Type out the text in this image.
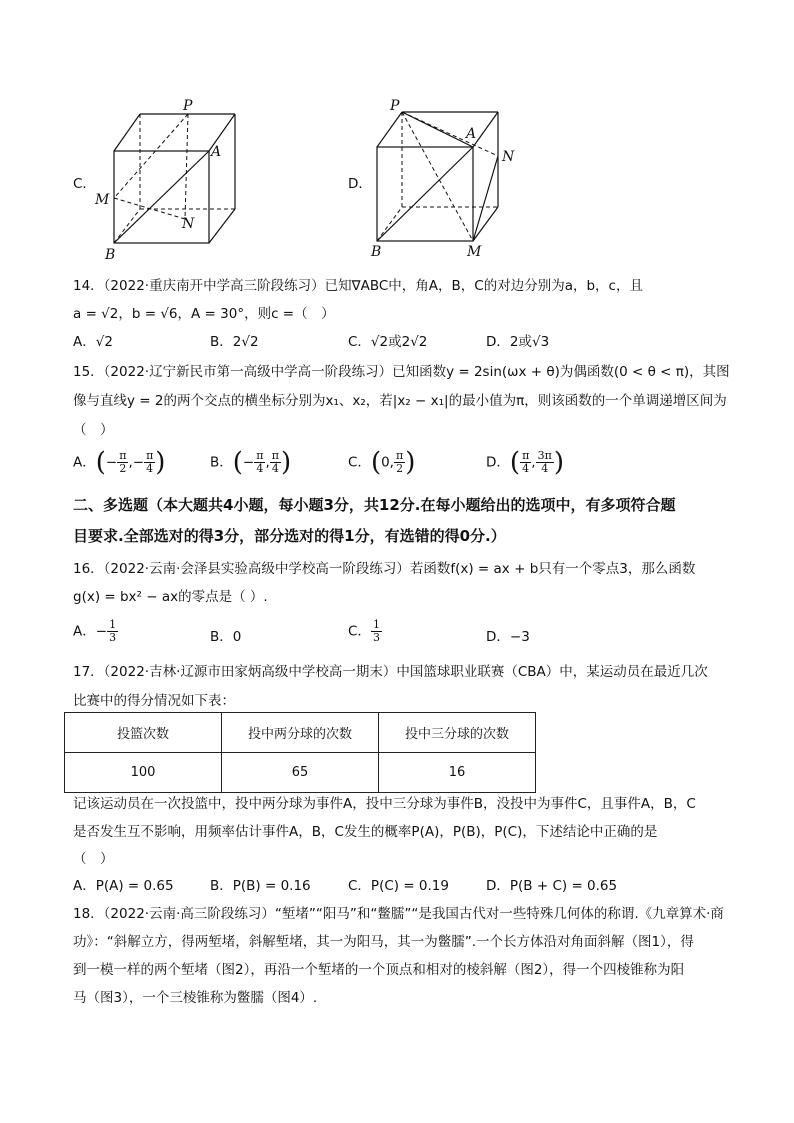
C．
P
A
M
N
B
D．
P
A
N
B	M
14．（2022·重庆南开中学高三阶段练习）已知∇ABC中，角A，B，C的对边分别为a，b，c，且
a = √2，b = √6，A = 30°，则c =（　）
A．√2	B．2√2	C．√2或2√2	D．2或√3
15．（2022·辽宁新民市第一高级中学高一阶段练习）已知函数y = 2sin(ωx + θ)为偶函数(0 < θ < π)，其图
像与直线y = 2的两个交点的横坐标分别为x₁、x₂，若|x₂ − x₁|的最小值为π，则该函数的一个单调递增区间为
（　）
A．(− $\frac{\pi}{2}$ ,− $\frac{\pi}{4}$ )	B．(− $\frac{\pi}{4}$ , $\frac{\pi}{4}$ )	C．(0, $\frac{\pi}{2}$ )	D．( $\frac{\pi}{4}$ , $\frac{3\pi}{4}$ )
二、多选题（本大题共4小题，每小题3分，共12分.在每小题给出的选项中，有多项符合题
目要求.全部选对的得3分，部分选对的得1分，有选错的得0分.）
16．（2022·云南·会泽县实验高级中学校高一阶段练习）若函数f(x) = ax + b只有一个零点3，那么函数
g(x) = bx² − ax的零点是（ ）.
A．− $\frac{1}{3}$	B．0	C． $\frac{1}{3}$	D．−3
17．（2022·吉林·辽源市田家炳高级中学校高一期末）中国篮球职业联赛（CBA）中，某运动员在最近几次
比赛中的得分情况如下表：
投篮次数	投中两分球的次数	投中三分球的次数
100	65	16
记该运动员在一次投篮中，投中两分球为事件A，投中三分球为事件B，没投中为事件C，且事件A，B，C
是否发生互不影响，用频率估计事件A，B，C发生的概率P(A)，P(B)，P(C)，下述结论中正确的是
（　）
A．P(A) = 0.65	B．P(B) = 0.16	C．P(C) = 0.19	D．P(B + C) = 0.65
18．（2022·云南·高三阶段练习）“堑堵”“阳马”和“鳖臑”“是我国古代对一些特殊几何体的称谓.《九章算术·商
功》：“斜解立方，得两堑堵，斜解堑堵，其一为阳马，其一为鳖臑”.一个长方体沿对角面斜解（图1），得
到一模一样的两个堑堵（图2），再沿一个堑堵的一个顶点和相对的棱斜解（图2），得一个四棱锥称为阳
马（图3），一个三棱锥称为鳖臑（图4）.
